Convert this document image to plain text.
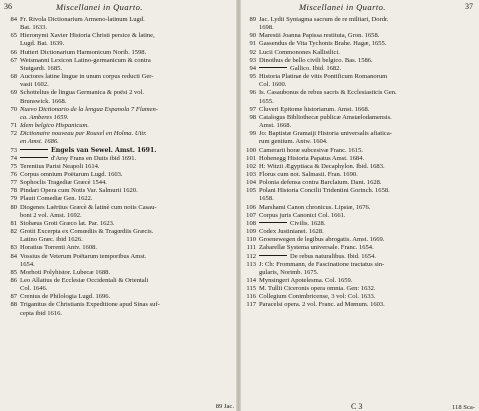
36	Miscellanei in Quarto.
84 Fr. Rivola Dictionarium Armeno-latinum Lugd.
Bat. 1633.
65 Hieronymi Xavier Historia Christi persice & latine,
Lugd. Bat. 1639.
66 Hutteri Dictionarium Harmonicum Norib. 1598.
67 Weismanni Lexicon Latino-germanicum & contra
Stutgardi. 1685.
68 Auctores latine lingue in unum corpus reducti Ger-
vasii 1602.
69 Schottelius de lingua Germanica & poësi 2 vol.
Brunswick. 1668.
70 Nuevo Dictionario de la lengua Espanola 7 Flamen-
ca. Amberes 1659.
71 Idem belgico Hispanicum.
72 Dictionaire nouveau par Rouxel en Holma. Uitr.
en Amst. 1686.
73	Engels van Sewel. Amst. 1691.
74	d'Arsy Frans en Duits ibid 1691.
75 Terentius Parisi Neapoli 1614.
76 Corpus omnium Poëtarum Lugd. 1603.
77 Sophoclis Tragediæ Græcè 1544.
78 Pindari Opera cum Notis Var. Salmurii 1620.
79 Plauti Comediæ Gen. 1622.
80 Diogenes Laërtius Græcè & latinè cum notis Casau-
boni 2 vol. Amst. 1692.
81 Stobæus Groti Græco lat. Par. 1623.
82 Grotii Excerpta ex Comœdiis & Tragœdiis Græcis.
Latino Græc. ibid 1626.
83 Horatius Torrenti Antv. 1608.
84 Vossius de Veterum Poëtarum temporibus Amst.
1654.
85 Morhoti Polyhistor. Lubecæ 1688.
86 Leo Allatius de Ecclesiæ Occidentali & Orientali
Col. 1646.
87 Crenius de Philologia Lugd. 1696.
88 Triganitus de Christianis Expeditione apud Sinas suf-
cepta ibid 1616.
89 Jac.
Miscellanei in Quarto.	37
89 Jac. Lydii Syntagma sacrum de re militari, Dordr.
1698.
90 Marestii Joanna Papissa restituta, Gron. 1658.
91 Gassendus de Vita Tychonis Brahe. Hagæ, 1655.
92 Lucii Commonones Kallistlici.
93 Dinothus de bello civili belgico. Bas. 1586.
94	Gallico. Ibid. 1682.
95 Historia Platinæ de vitis Pontificum Romanorum
Col. 1600.
96 Is. Casaubonus de rebus sacris & Ecclesiasticis Gen.
1655.
97 Cluveri Epitome historiarum. Amst. 1668.
98 Catalogus Bibliothecæ publicæ Amstælodamensis.
Amst. 1668.
99 Jo: Baptistæ Gramaiji Historia universalis afiatica-
rum gentium. Antw. 1604.
100 Camerarii horæ subcesivæ Franc. 1615.
101 Hohenegg Historia Papatus Amst. 1684.
102 H: Witzii Ægyptiaca & Decaphylon. Ibid. 1683.
103 Florus cum not. Salmasii. Fran. 1690.
104 Polonia defensa contra Barclaium. Dant. 1628.
105 Polani Historia Concilii Tridentini Gorinch. 1658.
1658.
106 Marshami Canon chronicus. Lipsiæ, 1676.
107 Corpus juris Canonici Col. 1661.
108	Civilis. 1628.
109 Codex Justinianei. 1628.
110 Groenewegen de legibus abrogatis. Amst. 1669.
111 Zabarellæ Systema universale. Franc. 1654.
112	De rebus naturalibus. Ibid. 1654.
113 J: Ch: Frommann, de Fascinatione tractatus sin-
gularis, Norimb. 1675.
114 Mynsingeri Apotelesma. Col. 1659.
115 M. Tullii Ciceronis opera omnia. Gen: 1632.
116 Collegium Conimbricense, 3 vol: Col. 1633.
117 Paracelsi opera. 2 vol. Franc. ad Mœnum. 1603.
C 3	118 Sca-
